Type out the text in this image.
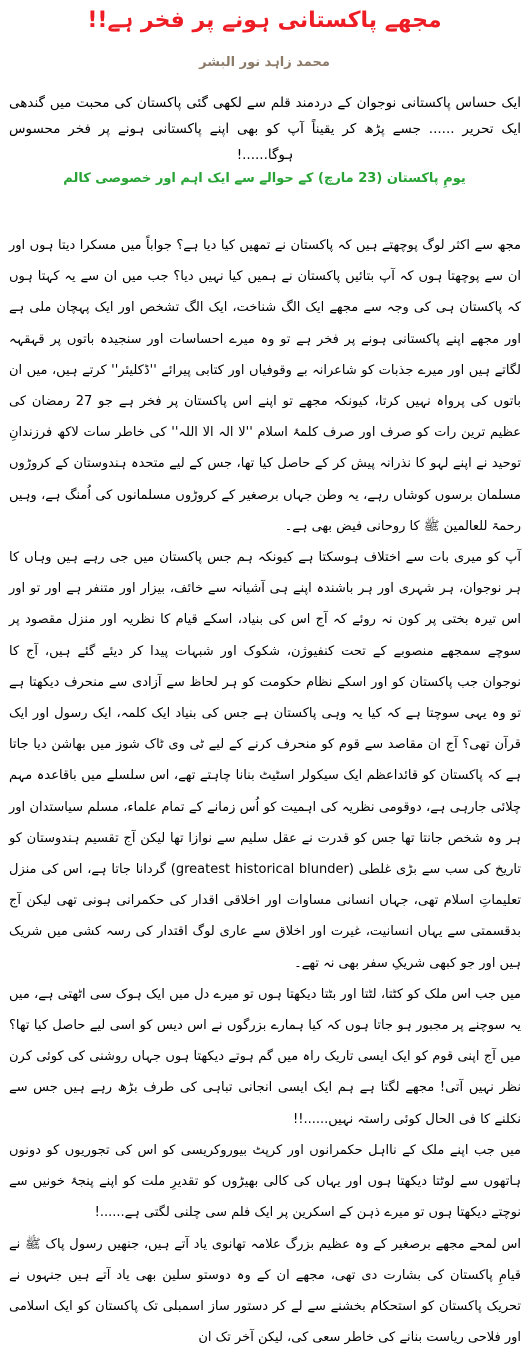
مجھے پاکستانی ہونے پر فخر ہے!!
محمد زاہد نور البشر
ایک حساس پاکستانی نوجوان کے دردمند قلم سے لکھی گئی پاکستان کی محبت میں گندھی ایک تحریر ...... جسے پڑھ کر یقیناً آپ کو بھی اپنے پاکستانی ہونے پر فخر محسوس ہوگا......!
یومِ پاکستان (23 مارچ) کے حوالے سے ایک اہم اور خصوصی کالم

مجھ سے اکثر لوگ پوچھتے ہیں کہ پاکستان نے تمھیں کیا دیا ہے؟ جواباً میں مسکرا دیتا ہوں اور ان سے پوچھتا ہوں کہ آپ بتائیں پاکستان نے ہمیں کیا نہیں دیا؟ جب میں ان سے یہ کہتا ہوں کہ پاکستان ہی کی وجہ سے مجھے ایک الگ شناخت، ایک الگ تشخص اور ایک پہچان ملی ہے اور مجھے اپنے پاکستانی ہونے پر فخر ہے تو وہ میرے احساسات اور سنجیدہ باتوں پر قہقہہ لگاتے ہیں اور میرے جذبات کو شاعرانہ بے وقوفیاں اور کتابی پیرائے ''ڈکلیئر'' کرتے ہیں، میں ان باتوں کی پرواہ نہیں کرتا، کیونکہ مجھے تو اپنے اس پاکستان پر فخر ہے جو 27 رمضان کی عظیم ترین رات کو صرف اور صرف کلمۂ اسلام ''لا الہ الا اللہ'' کی خاطر سات لاکھ فرزندانِ توحید نے اپنے لہو کا نذرانہ پیش کر کے حاصل کیا تھا، جس کے لیے متحدہ ہندوستان کے کروڑوں مسلمان برسوں کوشاں رہے، یہ وطن جہاں برصغیر کے کروڑوں مسلمانوں کی اُمنگ ہے، وہیں رحمۃ للعالمین ﷺ کا روحانی فیض بھی ہے۔

آپ کو میری بات سے اختلاف ہوسکتا ہے کیونکہ ہم جس پاکستان میں جی رہے ہیں وہاں کا ہر نوجوان، ہر شہری اور ہر باشندہ اپنے ہی آشیانہ سے خائف، بیزار اور متنفر ہے اور تو اور اس تیرہ بختی پر کون نہ روئے کہ آج اس کی بنیاد، اسکے قیام کا نظریہ اور منزل مقصود پر سوچے سمجھے منصوبے کے تحت کنفیوژن، شکوک اور شبہات پیدا کر دیئے گئے ہیں، آج کا نوجوان جب پاکستان کو اور اسکے نظام حکومت کو ہر لحاظ سے آزادی سے منحرف دیکھتا ہے تو وہ یہی سوچتا ہے کہ کیا یہ وہی پاکستان ہے جس کی بنیاد ایک کلمہ، ایک رسول اور ایک قرآن تھی؟ آج ان مقاصد سے قوم کو منحرف کرنے کے لیے ٹی وی ٹاک شوز میں بھاشن دیا جاتا ہے کہ پاکستان کو قائداعظم ایک سیکولر اسٹیٹ بنانا چاہتے تھے، اس سلسلے میں باقاعدہ مہم چلائی جارہی ہے، دوقومی نظریہ کی اہمیت کو اُس زمانے کے تمام علماء، مسلم سیاستدان اور ہر وہ شخص جانتا تھا جس کو قدرت نے عقل سلیم سے نوازا تھا لیکن آج تقسیم ہندوستان کو تاریخ کی سب سے بڑی غلطی (greatest historical blunder) گردانا جاتا ہے، اس کی منزل تعلیماتِ اسلام تھی، جہاں انسانی مساوات اور اخلاقی اقدار کی حکمرانی ہونی تھی لیکن آج بدقسمتی سے یہاں انسانیت، غیرت اور اخلاق سے عاری لوگ اقتدار کی رسہ کشی میں شریک ہیں اور جو کبھی شریکِ سفر بھی نہ تھے۔

میں جب اس ملک کو کٹتا، لٹتا اور بٹتا دیکھتا ہوں تو میرے دل میں ایک ہوک سی اٹھتی ہے، میں یہ سوچنے پر مجبور ہو جاتا ہوں کہ کیا ہمارے بزرگوں نے اس دیس کو اسی لیے حاصل کیا تھا؟ میں آج اپنی قوم کو ایک ایسی تاریک راہ میں گم ہوتے دیکھتا ہوں جہاں روشنی کی کوئی کرن نظر نہیں آتی! مجھے لگتا ہے ہم ایک ایسی انجانی تباہی کی طرف بڑھ رہے ہیں جس سے نکلنے کا فی الحال کوئی راستہ نہیں......!!

میں جب اپنے ملک کے نااہل حکمرانوں اور کرپٹ بیوروکریسی کو اس کی تجوریوں کو دونوں ہاتھوں سے لوٹتا دیکھتا ہوں اور یہاں کی کالی بھیڑوں کو تقدیرِ ملت کو اپنے پنجۂ خونیں سے نوچتے دیکھتا ہوں تو میرے ذہن کے اسکرین پر ایک فلم سی چلنی لگتی ہے......!

اس لمحے مجھے برصغیر کے وہ عظیم بزرگ علامہ تھانوی یاد آتے ہیں، جنھیں رسول پاک ﷺ نے قیامِ پاکستان کی بشارت دی تھی، مجھے ان کے وہ دوستو سلین بھی یاد آتے ہیں جنہوں نے تحریک پاکستان کو استحکام بخشنے سے لے کر دستور ساز اسمبلی تک پاکستان کو ایک اسلامی اور فلاحی ریاست بنانے کی خاطر سعی کی، لیکن آخر تک ان
